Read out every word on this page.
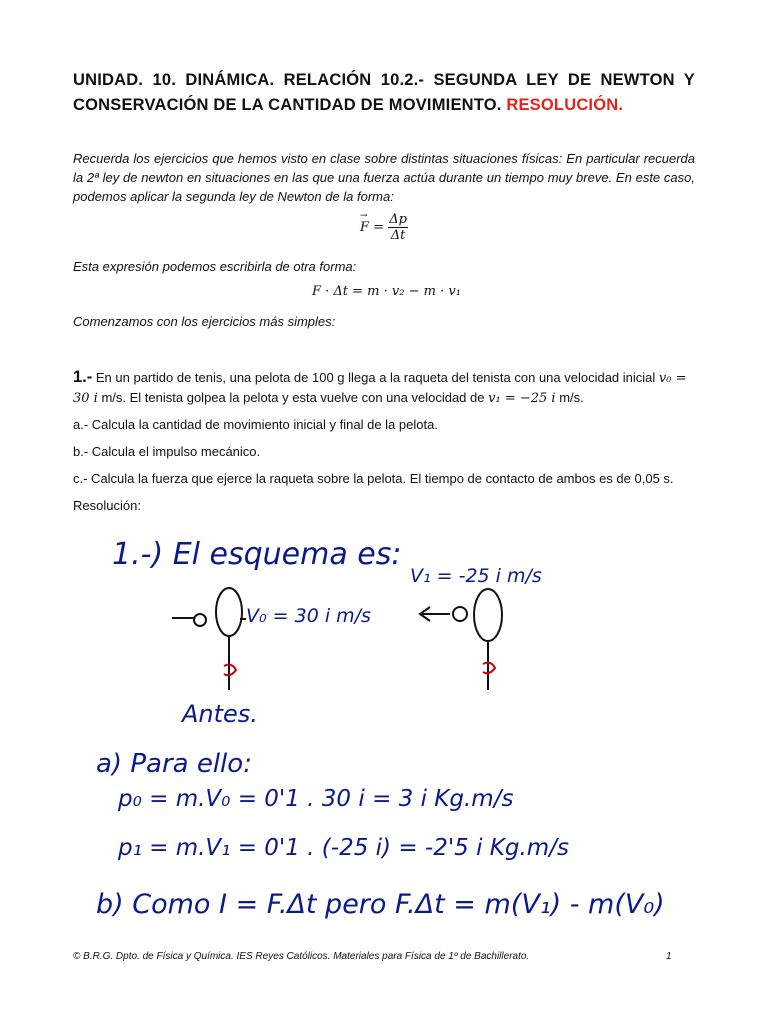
UNIDAD. 10. DINÁMICA. RELACIÓN 10.2.- SEGUNDA LEY DE NEWTON Y CONSERVACIÓN DE LA CANTIDAD DE MOVIMIENTO. RESOLUCIÓN.
Recuerda los ejercicios que hemos visto en clase sobre distintas situaciones físicas: En particular recuerda la 2ª ley de newton en situaciones en las que una fuerza actúa durante un tiempo muy breve. En este caso, podemos aplicar la segunda ley de Newton de la forma:
→ $F = \frac{\Delta p}{\Delta t}$
Esta expresión podemos escribirla de otra forma:
F · Δt = m · v₂ − m · v₁
Comenzamos con los ejercicios más simples:
1.- En un partido de tenis, una pelota de 100 g llega a la raqueta del tenista con una velocidad inicial v₀ = 30 i m/s. El tenista golpea la pelota y esta vuelve con una velocidad de v₁ = −25 i m/s.
a.- Calcula la cantidad de movimiento inicial y final de la pelota.
b.- Calcula el impulso mecánico.
c.- Calcula la fuerza que ejerce la raqueta sobre la pelota. El tiempo de contacto de ambos es de 0,05 s.
Resolución:
1.-) El esquema es:
V₀ = 30 i m/s
V₁ = -25 i m/s
Antes.
a) Para ello:
p₀ = m.V₀ = 0'1 . 30 i = 3 i Kg.m/s
p₁ = m.V₁ = 0'1 . (-25 i) = -2'5 i Kg.m/s
b) Como I = F.Δt pero F.Δt = m(V₁) - m(V₀)
© B.R.G. Dpto. de Física y Química. IES Reyes Católicos. Materiales para Física de 1º de Bachillerato.	1
